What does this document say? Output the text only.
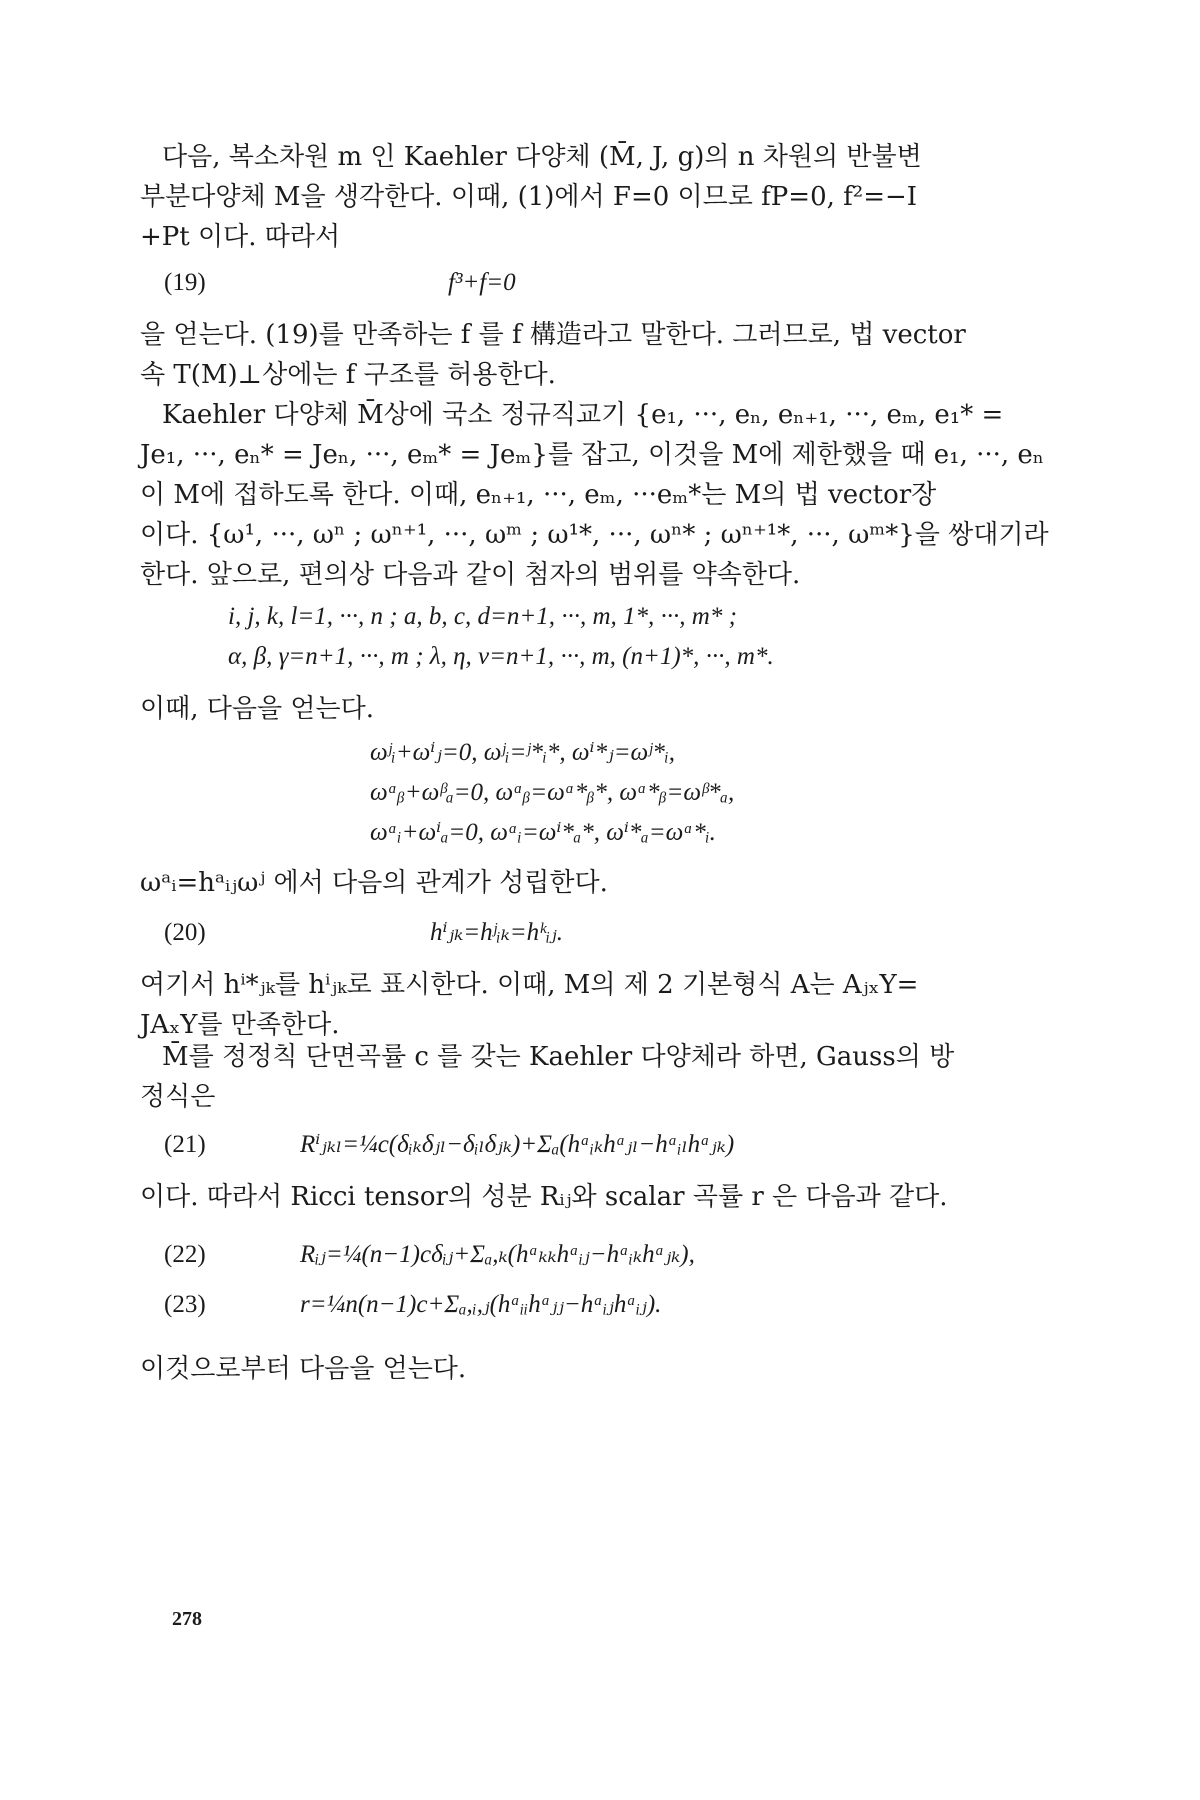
다음, 복소차원 m 인 Kaehler 다양체 (M̄, J, g)의 n 차원의 반불변
부분다양체 M을 생각한다. 이때, (1)에서 F=0 이므로 fP=0, f²=−I
+Pt 이다. 따라서
(19)	f³+f=0
을 얻는다. (19)를 만족하는 f 를 f 構造라고 말한다. 그러므로, 법 vector
속 T(M)⊥상에는 f 구조를 허용한다.
Kaehler 다양체 M̄상에 국소 정규직교기 {e₁, ···, eₙ, eₙ₊₁, ···, eₘ, e₁* =
Je₁, ···, eₙ* = Jeₙ, ···, eₘ* = Jeₘ}를 잡고, 이것을 M에 제한했을 때 e₁, ···, eₙ
이 M에 접하도록 한다. 이때, eₙ₊₁, ···, eₘ, ···eₘ*는 M의 법 vector장
이다. {ω¹, ···, ωⁿ ; ωⁿ⁺¹, ···, ωᵐ ; ω¹*, ···, ωⁿ* ; ωⁿ⁺¹*, ···, ωᵐ*}을 쌍대기라
한다. 앞으로, 편의상 다음과 같이 첨자의 범위를 약속한다.
i, j, k, l=1, ···, n ; a, b, c, d=n+1, ···, m, 1*, ···, m* ;
α, β, γ=n+1, ···, m ; λ, η, ν=n+1, ···, m, (n+1)*, ···, m*.
이때, 다음을 얻는다.
ωʲᵢ+ωⁱⱼ=0, ωʲᵢ=ʲ*ᵢ*, ωⁱ*ⱼ=ωʲ*ᵢ,
ωᵅᵦ+ωᵝₐ=0, ωᵅᵦ=ωᵅ*ᵦ*, ωᵅ*ᵦ=ωᵝ*ₐ,
ωᵅᵢ+ωⁱₐ=0, ωᵅᵢ=ωⁱ*ₐ*, ωⁱ*ₐ=ωᵅ*ᵢ.
ωᵃᵢ=hᵃᵢⱼωʲ 에서 다음의 관계가 성립한다.
(20)	hⁱⱼₖ=hʲᵢₖ=hᵏᵢⱼ.
여기서 hⁱ*ⱼₖ를 hⁱⱼₖ로 표시한다. 이때, M의 제 2 기본형식 A는 AⱼₓY=
JAₓY를 만족한다.
M̄를 정정칙 단면곡률 c 를 갖는 Kaehler 다양체라 하면, Gauss의 방
정식은
(21)	Rⁱⱼₖₗ=¼c(δᵢₖδⱼₗ−δᵢₗδⱼₖ)+Σₐ(hᵃᵢₖhᵃⱼₗ−hᵃᵢₗhᵃⱼₖ)
이다. 따라서 Ricci tensor의 성분 Rᵢⱼ와 scalar 곡률 r 은 다음과 같다.
(22)	Rᵢⱼ=¼(n−1)cδᵢⱼ+Σₐ,ₖ(hᵃₖₖhᵃᵢⱼ−hᵃᵢₖhᵃⱼₖ),
(23)	r=¼n(n−1)c+Σₐ,ᵢ,ⱼ(hᵃᵢᵢhᵃⱼⱼ−hᵃᵢⱼhᵃᵢⱼ).
이것으로부터 다음을 얻는다.
278
